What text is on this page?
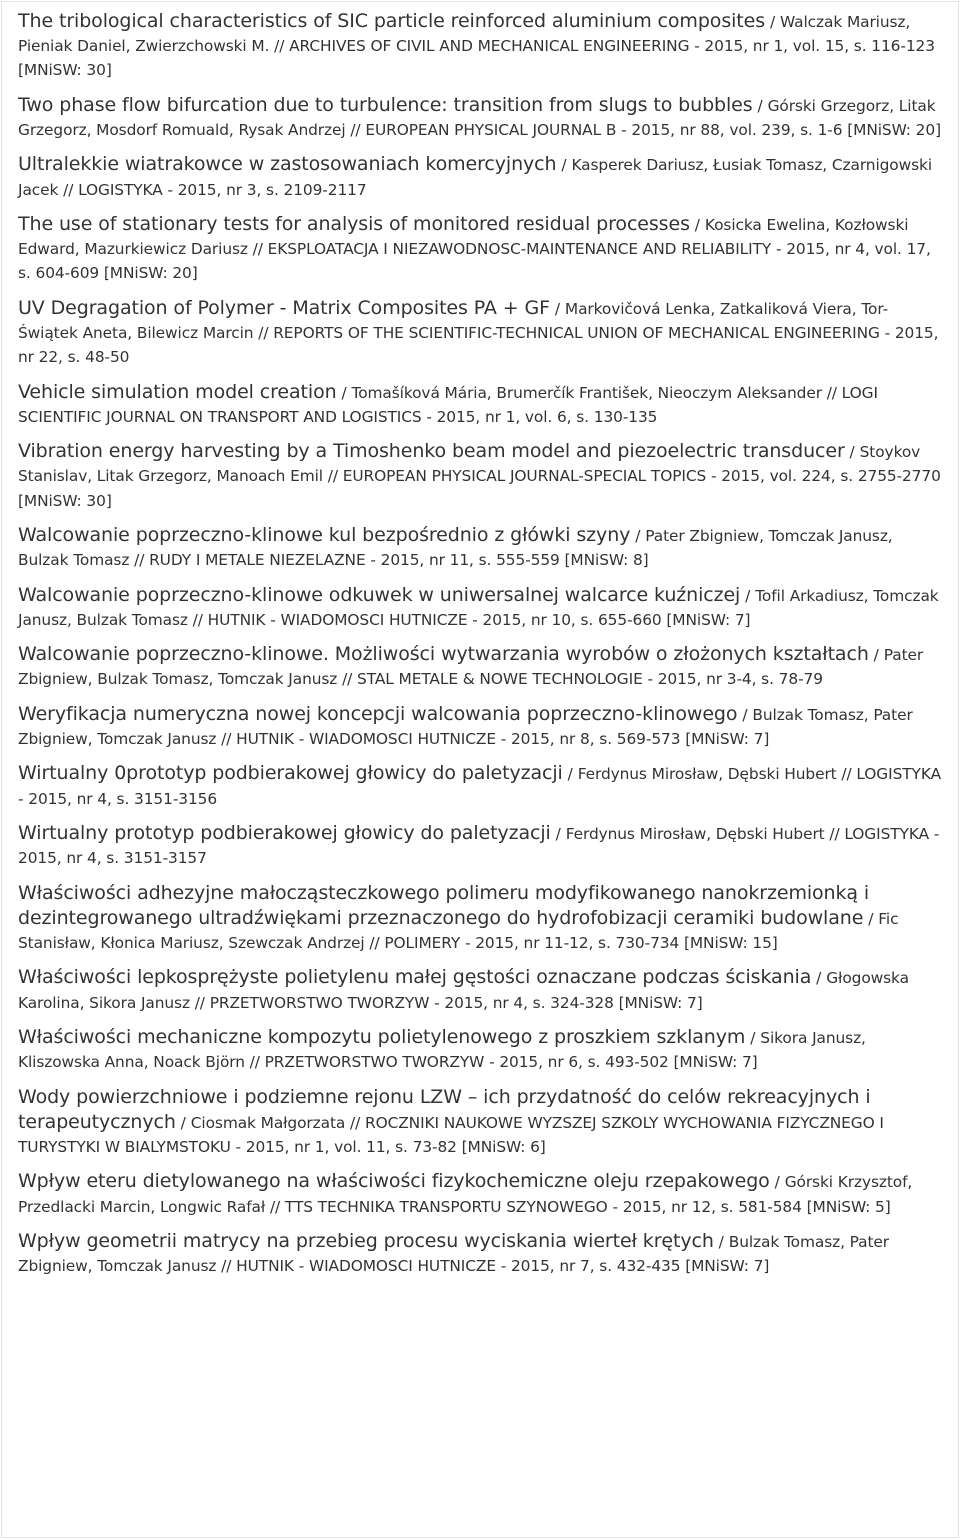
The tribological characteristics of SIC particle reinforced aluminium composites / Walczak Mariusz, Pieniak Daniel, Zwierzchowski M. // ARCHIVES OF CIVIL AND MECHANICAL ENGINEERING - 2015, nr 1, vol. 15, s. 116-123 [MNiSW: 30]

Two phase flow bifurcation due to turbulence: transition from slugs to bubbles / Górski Grzegorz, Litak Grzegorz, Mosdorf Romuald, Rysak Andrzej // EUROPEAN PHYSICAL JOURNAL B - 2015, nr 88, vol. 239, s. 1-6 [MNiSW: 20]

Ultralekkie wiatrakowce w zastosowaniach komercyjnych / Kasperek Dariusz, Łusiak Tomasz, Czarnigowski Jacek // LOGISTYKA - 2015, nr 3, s. 2109-2117

The use of stationary tests for analysis of monitored residual processes / Kosicka Ewelina, Kozłowski Edward, Mazurkiewicz Dariusz // EKSPLOATACJA I NIEZAWODNOSC-MAINTENANCE AND RELIABILITY - 2015, nr 4, vol. 17, s. 604-609 [MNiSW: 20]

UV Degragation of Polymer - Matrix Composites PA + GF / Markovičová Lenka, Zatkaliková Viera, Tor-Świątek Aneta, Bilewicz Marcin // REPORTS OF THE SCIENTIFIC-TECHNICAL UNION OF MECHANICAL ENGINEERING - 2015, nr 22, s. 48-50

Vehicle simulation model creation / Tomašíková Mária, Brumerčík František, Nieoczym Aleksander // LOGI SCIENTIFIC JOURNAL ON TRANSPORT AND LOGISTICS - 2015, nr 1, vol. 6, s. 130-135

Vibration energy harvesting by a Timoshenko beam model and piezoelectric transducer / Stoykov Stanislav, Litak Grzegorz, Manoach Emil // EUROPEAN PHYSICAL JOURNAL-SPECIAL TOPICS - 2015, vol. 224, s. 2755-2770 [MNiSW: 30]

Walcowanie poprzeczno-klinowe kul bezpośrednio z główki szyny / Pater Zbigniew, Tomczak Janusz, Bulzak Tomasz // RUDY I METALE NIEZELAZNE - 2015, nr 11, s. 555-559 [MNiSW: 8]

Walcowanie poprzeczno-klinowe odkuwek w uniwersalnej walcarce kuźniczej / Tofil Arkadiusz, Tomczak Janusz, Bulzak Tomasz // HUTNIK - WIADOMOSCI HUTNICZE - 2015, nr 10, s. 655-660 [MNiSW: 7]

Walcowanie poprzeczno-klinowe. Możliwości wytwarzania wyrobów o złożonych kształtach / Pater Zbigniew, Bulzak Tomasz, Tomczak Janusz // STAL METALE & NOWE TECHNOLOGIE - 2015, nr 3-4, s. 78-79

Weryfikacja numeryczna nowej koncepcji walcowania poprzeczno-klinowego / Bulzak Tomasz, Pater Zbigniew, Tomczak Janusz // HUTNIK - WIADOMOSCI HUTNICZE - 2015, nr 8, s. 569-573 [MNiSW: 7]

Wirtualny 0prototyp podbierakowej głowicy do paletyzacji / Ferdynus Mirosław, Dębski Hubert // LOGISTYKA - 2015, nr 4, s. 3151-3156

Wirtualny prototyp podbierakowej głowicy do paletyzacji / Ferdynus Mirosław, Dębski Hubert // LOGISTYKA - 2015, nr 4, s. 3151-3157

Właściwości adhezyjne małocząsteczkowego polimeru modyfikowanego nanokrzemionką i dezintegrowanego ultradźwiękami przeznaczonego do hydrofobizacji ceramiki budowlane / Fic Stanisław, Kłonica Mariusz, Szewczak Andrzej // POLIMERY - 2015, nr 11-12, s. 730-734 [MNiSW: 15]

Właściwości lepkosprężyste polietylenu małej gęstości oznaczane podczas ściskania / Głogowska Karolina, Sikora Janusz // PRZETWORSTWO TWORZYW - 2015, nr 4, s. 324-328 [MNiSW: 7]

Właściwości mechaniczne kompozytu polietylenowego z proszkiem szklanym / Sikora Janusz, Kliszowska Anna, Noack Björn // PRZETWORSTWO TWORZYW - 2015, nr 6, s. 493-502 [MNiSW: 7]

Wody powierzchniowe i podziemne rejonu LZW – ich przydatność do celów rekreacyjnych i terapeutycznych / Ciosmak Małgorzata // ROCZNIKI NAUKOWE WYZSZEJ SZKOLY WYCHOWANIA FIZYCZNEGO I TURYSTYKI W BIALYMSTOKU - 2015, nr 1, vol. 11, s. 73-82 [MNiSW: 6]

Wpływ eteru dietylowanego na właściwości fizykochemiczne oleju rzepakowego / Górski Krzysztof, Przedlacki Marcin, Longwic Rafał // TTS TECHNIKA TRANSPORTU SZYNOWEGO - 2015, nr 12, s. 581-584 [MNiSW: 5]

Wpływ geometrii matrycy na przebieg procesu wyciskania wierteł krętych / Bulzak Tomasz, Pater Zbigniew, Tomczak Janusz // HUTNIK - WIADOMOSCI HUTNICZE - 2015, nr 7, s. 432-435 [MNiSW: 7]
